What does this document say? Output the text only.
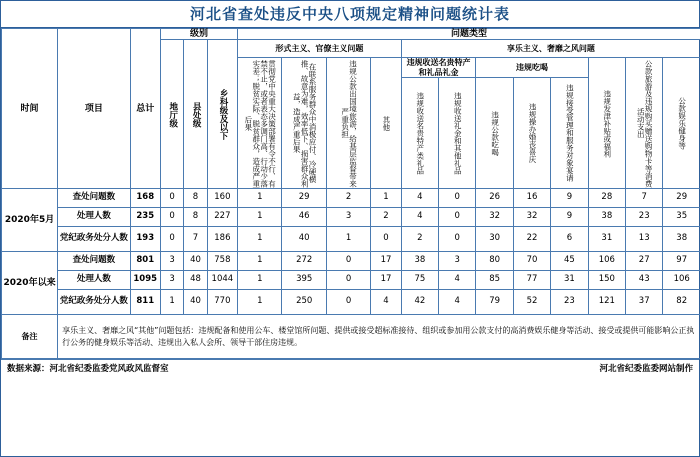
河北省查处违反中央八项规定精神问题统计表
时间	项目	总计	级别			问题类型											

			地厅级	县处级	乡科级及以下	形式主义、官僚主义问题				享乐主义、奢靡之风问题							

						贯彻党中央重大决策部署有令不行、有禁不止，或者表态多调门高、行动少落实差；脱贫实际、脱贫群众，造成严重后果	在联系服务群众中消极应付、冷硬横推、故意为难，效率低下、损害群众利益，造成严重后果	违规公款出国境旅游，给基层监督带来严重负担	其他	违规收送名贵特产和礼品礼金		违规吃喝			违规发津补贴或福利	公款旅游及违规购买赠送购物卡等消费活动支出	公款娱乐健身等

										违规收送名贵特产类礼品	违规收送礼金和其他礼品	违规公款吃喝	违规操办婚丧喜庆	违规接受管理和服务对象宴请			

2020年5月	查处问题数	168	0	8	160	1	29	2	1	4	0	26	16	9	28	7	29
	处理人数	235	0	8	227	1	46	3	2	4	0	32	32	9	38	23	35
	党纪政务处分人数	193	0	7	186	1	40	1	0	2	0	30	22	6	31	13	38
2020年以来	查处问题数	801	3	40	758	1	272	0	17	38	3	80	70	45	106	27	97
	处理人数	1095	3	48	1044	1	395	0	17	75	4	85	77	31	150	43	106
	党纪政务处分人数	811	1	40	770	1	250	0	4	42	4	79	52	23	121	37	82
备注	享乐主义、奢靡之风“其他”问题包括：违规配备和使用公车、楼堂馆所问题、提供或接受超标准接待、组织或参加用公款支付的高消费娱乐健身等活动、接受或提供可能影响公正执行公务的健身娱乐等活动、违规出入私人会所、领导干部住房违规。																
数据来源：河北省纪委监委党风政风监督室	河北省纪委监委网站制作
